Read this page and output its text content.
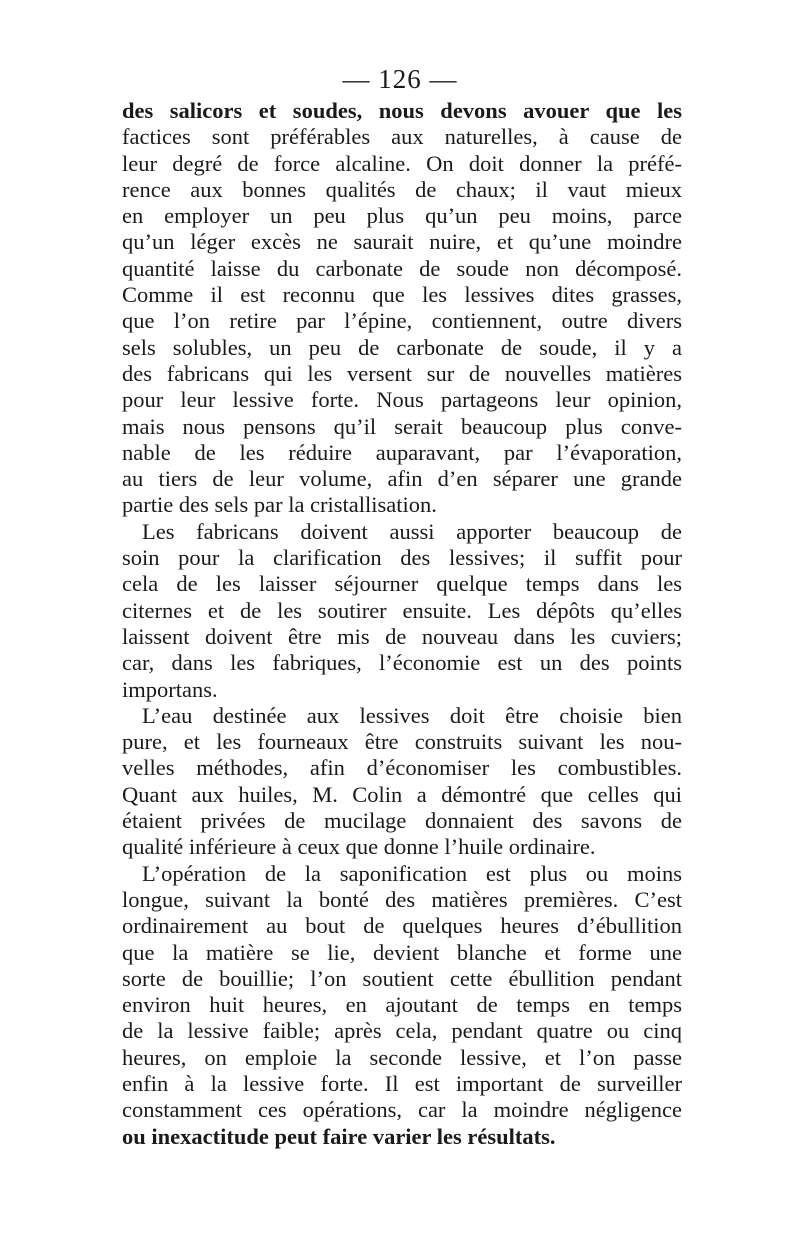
— 126 —
des salicors et soudes, nous devons avouer que les
factices sont préférables aux naturelles, à cause de
leur degré de force alcaline. On doit donner la préfé-
rence aux bonnes qualités de chaux; il vaut mieux
en employer un peu plus qu’un peu moins, parce
qu’un léger excès ne saurait nuire, et qu’une moindre
quantité laisse du carbonate de soude non décomposé.
Comme il est reconnu que les lessives dites grasses,
que l’on retire par l’épine, contiennent, outre divers
sels solubles, un peu de carbonate de soude, il y a
des fabricans qui les versent sur de nouvelles matières
pour leur lessive forte. Nous partageons leur opinion,
mais nous pensons qu’il serait beaucoup plus conve-
nable de les réduire auparavant, par l’évaporation,
au tiers de leur volume, afin d’en séparer une grande
partie des sels par la cristallisation.
Les fabricans doivent aussi apporter beaucoup de
soin pour la clarification des lessives; il suffit pour
cela de les laisser séjourner quelque temps dans les
citernes et de les soutirer ensuite. Les dépôts qu’elles
laissent doivent être mis de nouveau dans les cuviers;
car, dans les fabriques, l’économie est un des points
importans.
L’eau destinée aux lessives doit être choisie bien
pure, et les fourneaux être construits suivant les nou-
velles méthodes, afin d’économiser les combustibles.
Quant aux huiles, M. Colin a démontré que celles qui
étaient privées de mucilage donnaient des savons de
qualité inférieure à ceux que donne l’huile ordinaire.
L’opération de la saponification est plus ou moins
longue, suivant la bonté des matières premières. C’est
ordinairement au bout de quelques heures d’ébullition
que la matière se lie, devient blanche et forme une
sorte de bouillie; l’on soutient cette ébullition pendant
environ huit heures, en ajoutant de temps en temps
de la lessive faible; après cela, pendant quatre ou cinq
heures, on emploie la seconde lessive, et l’on passe
enfin à la lessive forte. Il est important de surveiller
constamment ces opérations, car la moindre négligence
ou inexactitude peut faire varier les résultats.
